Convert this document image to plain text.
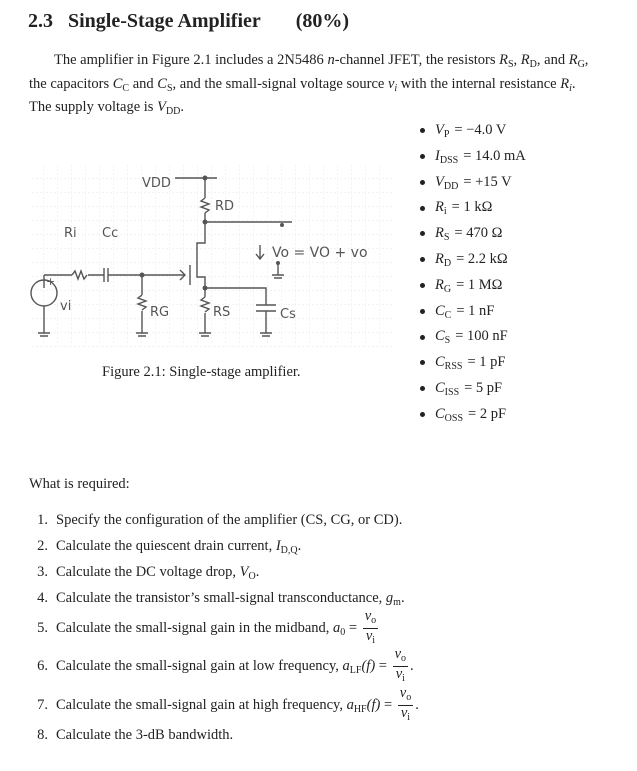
2.3 Single-Stage Amplifier (80%)
The amplifier in Figure 2.1 includes a 2N5486 n-channel JFET, the resistors $R_S$, $R_D$, and $R_G$, the capacitors $C_C$ and $C_S$, and the small-signal voltage source $v_i$ with the internal resistance $R_i$. The supply voltage is $V_{DD}$.
VDD
RD
Ri Cc
Vo = VO + vo
RG	RS	Cs
vi
+
Figure 2.1: Single-stage amplifier.
$V_P = -4.0$ V
$I_{DSS} = 14.0$ mA
$V_{DD} = +15$ V
$R_i = 1$ kΩ
$R_S = 470$ Ω
$R_D = 2.2$ kΩ
$R_G = 1$ MΩ
$C_C = 1$ nF
$C_S = 100$ nF
$C_{RSS} = 1$ pF
$C_{ISS} = 5$ pF
$C_{OSS} = 2$ pF
What is required:
1. Specify the configuration of the amplifier (CS, CG, or CD).
2. Calculate the quiescent drain current, $I_{D,Q}$.
3. Calculate the DC voltage drop, $V_O$.
4. Calculate the transistor’s small-signal transconductance, $g_m$.
5. Calculate the small-signal gain in the midband, $a_0 = \frac{v_o}{v_i}$
6. Calculate the small-signal gain at low frequency, $a_{LF}(f) = \frac{v_o}{v_i}$ .
7. Calculate the small-signal gain at high frequency, $a_{HF}(f) = \frac{v_o}{v_i}$ .
8. Calculate the 3-dB bandwidth.
